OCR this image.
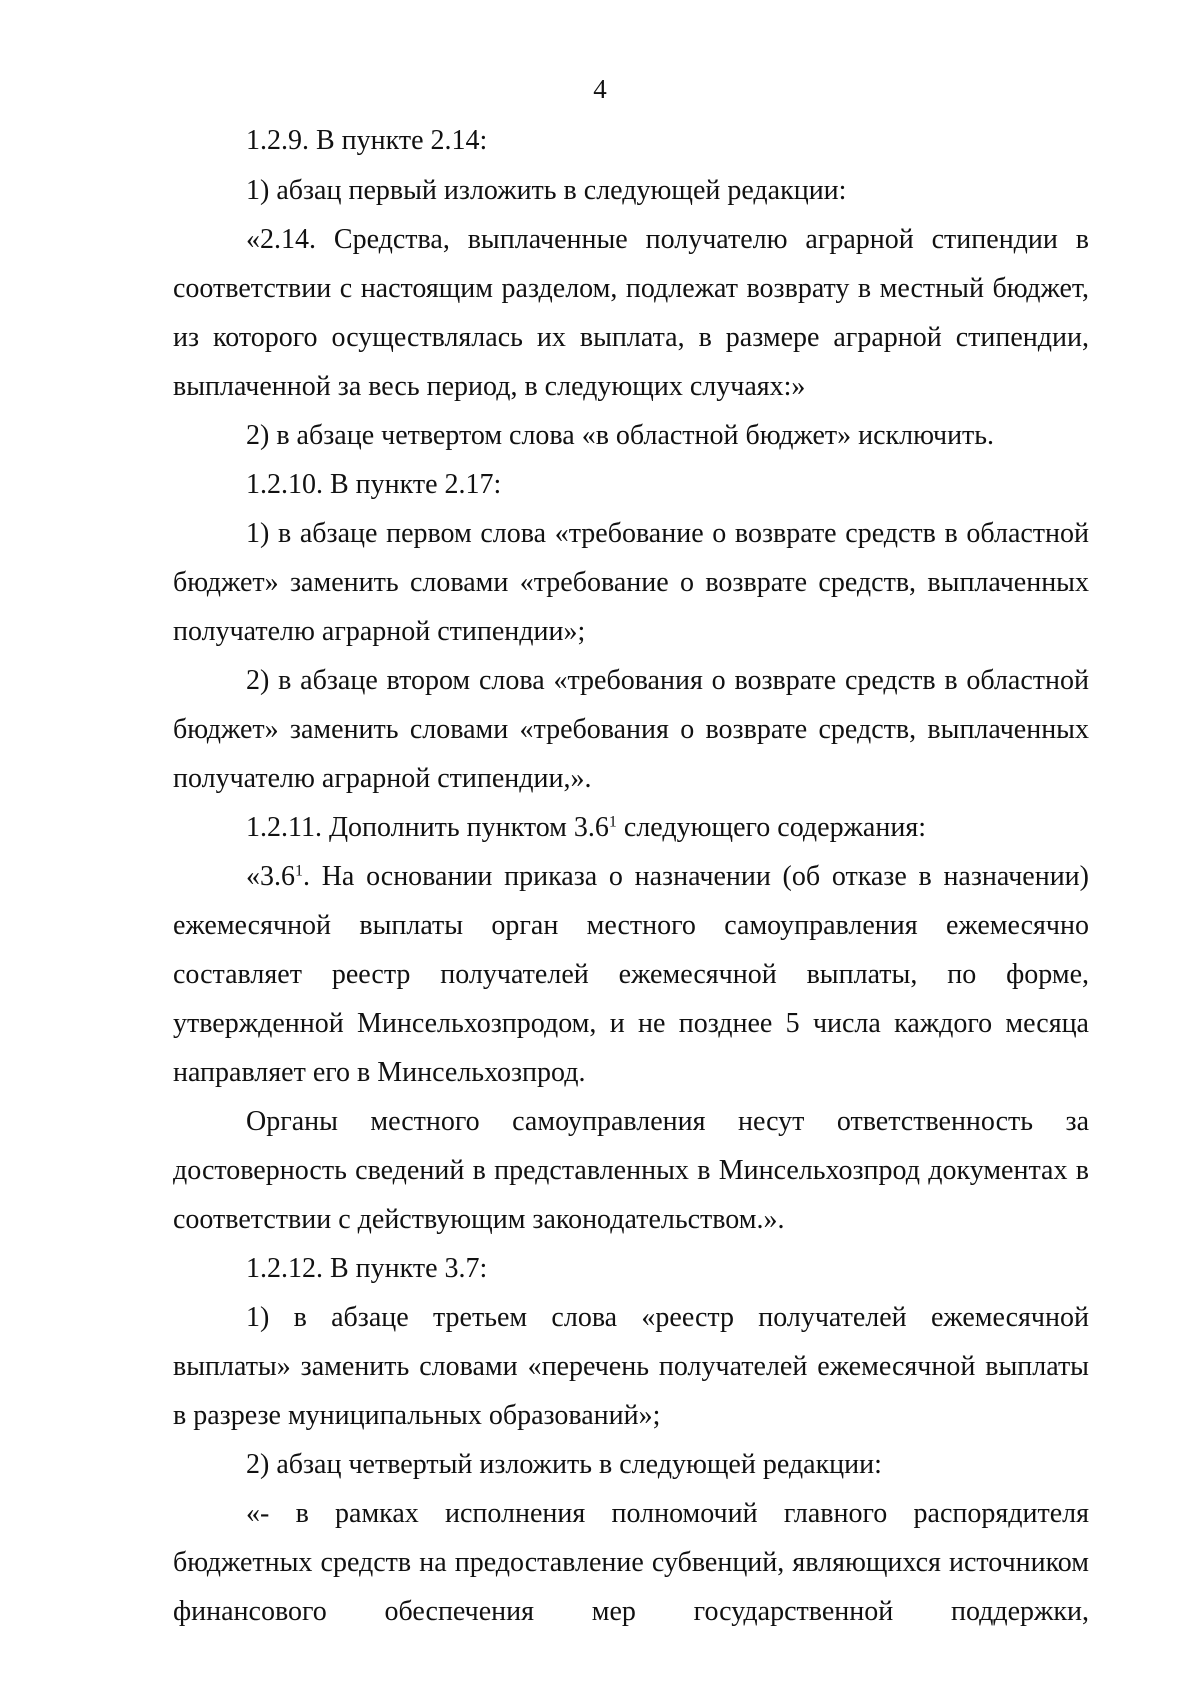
4

1.2.9. В пункте 2.14:

1) абзац первый изложить в следующей редакции:

«2.14. Средства, выплаченные получателю аграрной стипендии в соответствии с настоящим разделом, подлежат возврату в местный бюджет, из которого осуществлялась их выплата, в размере аграрной стипендии, выплаченной за весь период, в следующих случаях:»

2) в абзаце четвертом слова «в областной бюджет» исключить.

1.2.10. В пункте 2.17:

1) в абзаце первом слова «требование о возврате средств в областной бюджет» заменить словами «требование о возврате средств, выплаченных получателю аграрной стипендии»;

2) в абзаце втором слова «требования о возврате средств в областной бюджет» заменить словами «требования о возврате средств, выплаченных получателю аграрной стипендии,».

1.2.11. Дополнить пунктом $3.6^1$ следующего содержания:

«$3.6^1$. На основании приказа о назначении (об отказе в назначении) ежемесячной выплаты орган местного самоуправления ежемесячно составляет реестр получателей ежемесячной выплаты, по форме, утвержденной Минсельхозпродом, и не позднее 5 числа каждого месяца направляет его в Минсельхозпрод.

Органы местного самоуправления несут ответственность за достоверность сведений в представленных в Минсельхозпрод документах в соответствии с действующим законодательством.».

1.2.12. В пункте 3.7:

1) в абзаце третьем слова «реестр получателей ежемесячной выплаты» заменить словами «перечень получателей ежемесячной выплаты в разрезе муниципальных образований»;

2) абзац четвертый изложить в следующей редакции:

«- в рамках исполнения полномочий главного распорядителя бюджетных средств на предоставление субвенций, являющихся источником финансового обеспечения мер государственной поддержки,
